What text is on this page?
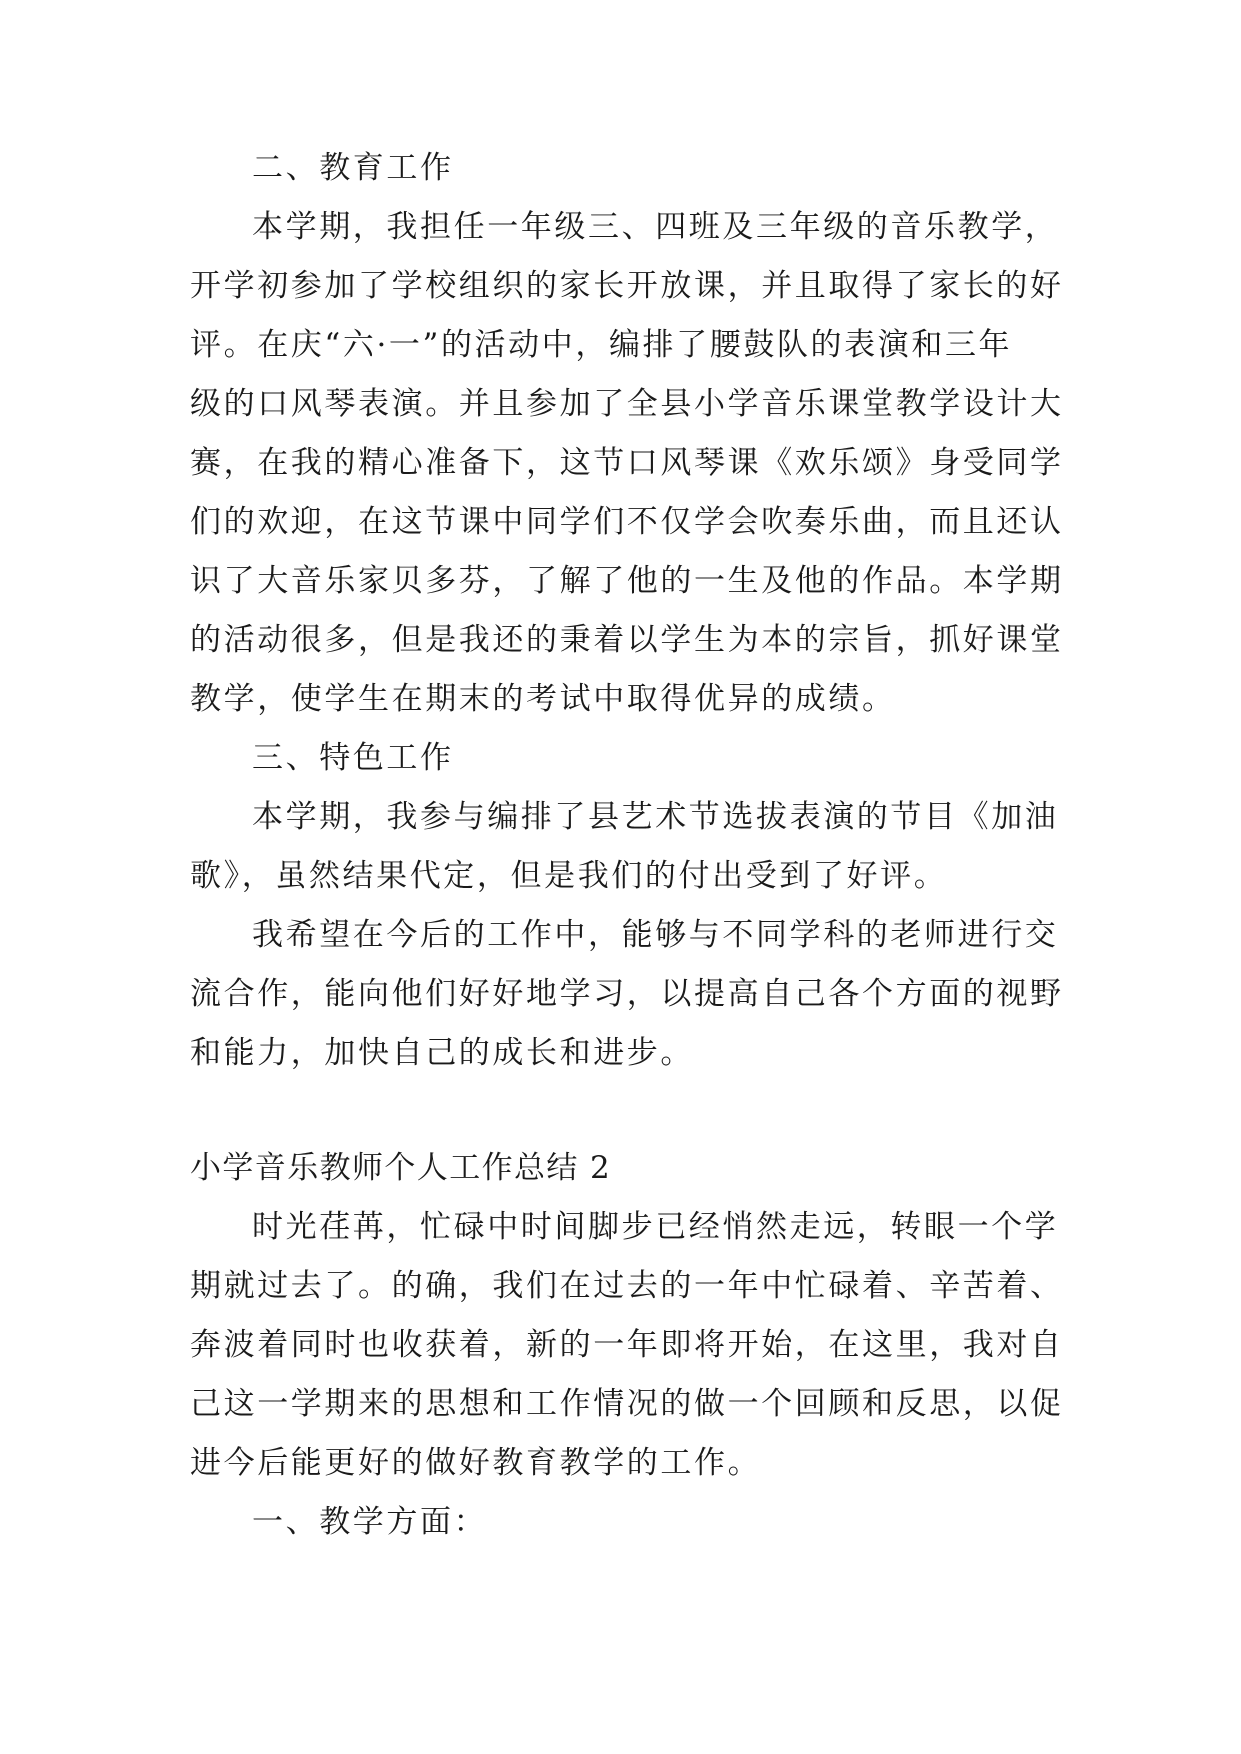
二、教育工作

本学期，我担任一年级三、四班及三年级的音乐教学，

开学初参加了学校组织的家长开放课，并且取得了家长的好

评。在庆“六·一”的活动中，编排了腰鼓队的表演和三年

级的口风琴表演。并且参加了全县小学音乐课堂教学设计大

赛，在我的精心准备下，这节口风琴课《欢乐颂》身受同学

们的欢迎，在这节课中同学们不仅学会吹奏乐曲，而且还认

识了大音乐家贝多芬，了解了他的一生及他的作品。本学期

的活动很多，但是我还的秉着以学生为本的宗旨，抓好课堂

教学，使学生在期末的考试中取得优异的成绩。

三、特色工作

本学期，我参与编排了县艺术节选拔表演的节目《加油

歌》，虽然结果代定，但是我们的付出受到了好评。

我希望在今后的工作中，能够与不同学科的老师进行交

流合作，能向他们好好地学习，以提高自己各个方面的视野

和能力，加快自己的成长和进步。

小学音乐教师个人工作总结 2

时光荏苒，忙碌中时间脚步已经悄然走远，转眼一个学

期就过去了。的确，我们在过去的一年中忙碌着、辛苦着、

奔波着同时也收获着，新的一年即将开始，在这里，我对自

己这一学期来的思想和工作情况的做一个回顾和反思，以促

进今后能更好的做好教育教学的工作。

一、教学方面：
